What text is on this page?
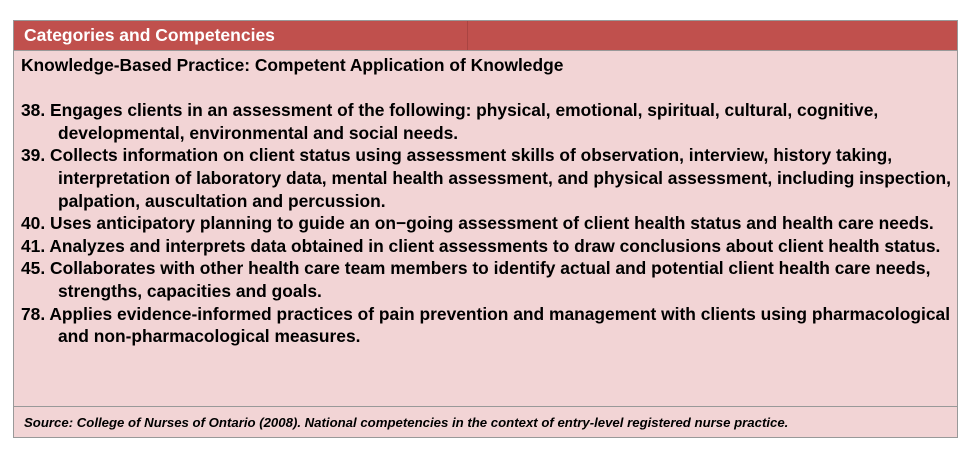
Categories and Competencies
Knowledge-Based Practice: Competent Application of Knowledge
38. Engages clients in an assessment of the following: physical, emotional, spiritual, cultural, cognitive, developmental, environmental and social needs.
39. Collects information on client status using assessment skills of observation, interview, history taking, interpretation of laboratory data, mental health assessment, and physical assessment, including inspection, palpation, auscultation and percussion.
40. Uses anticipatory planning to guide an on−going assessment of client health status and health care needs.
41. Analyzes and interprets data obtained in client assessments to draw conclusions about client health status.
45. Collaborates with other health care team members to identify actual and potential client health care needs, strengths, capacities and goals.
78. Applies evidence-informed practices of pain prevention and management with clients using pharmacological and non-pharmacological measures.
Source: College of Nurses of Ontario (2008). National competencies in the context of entry-level registered nurse practice.
